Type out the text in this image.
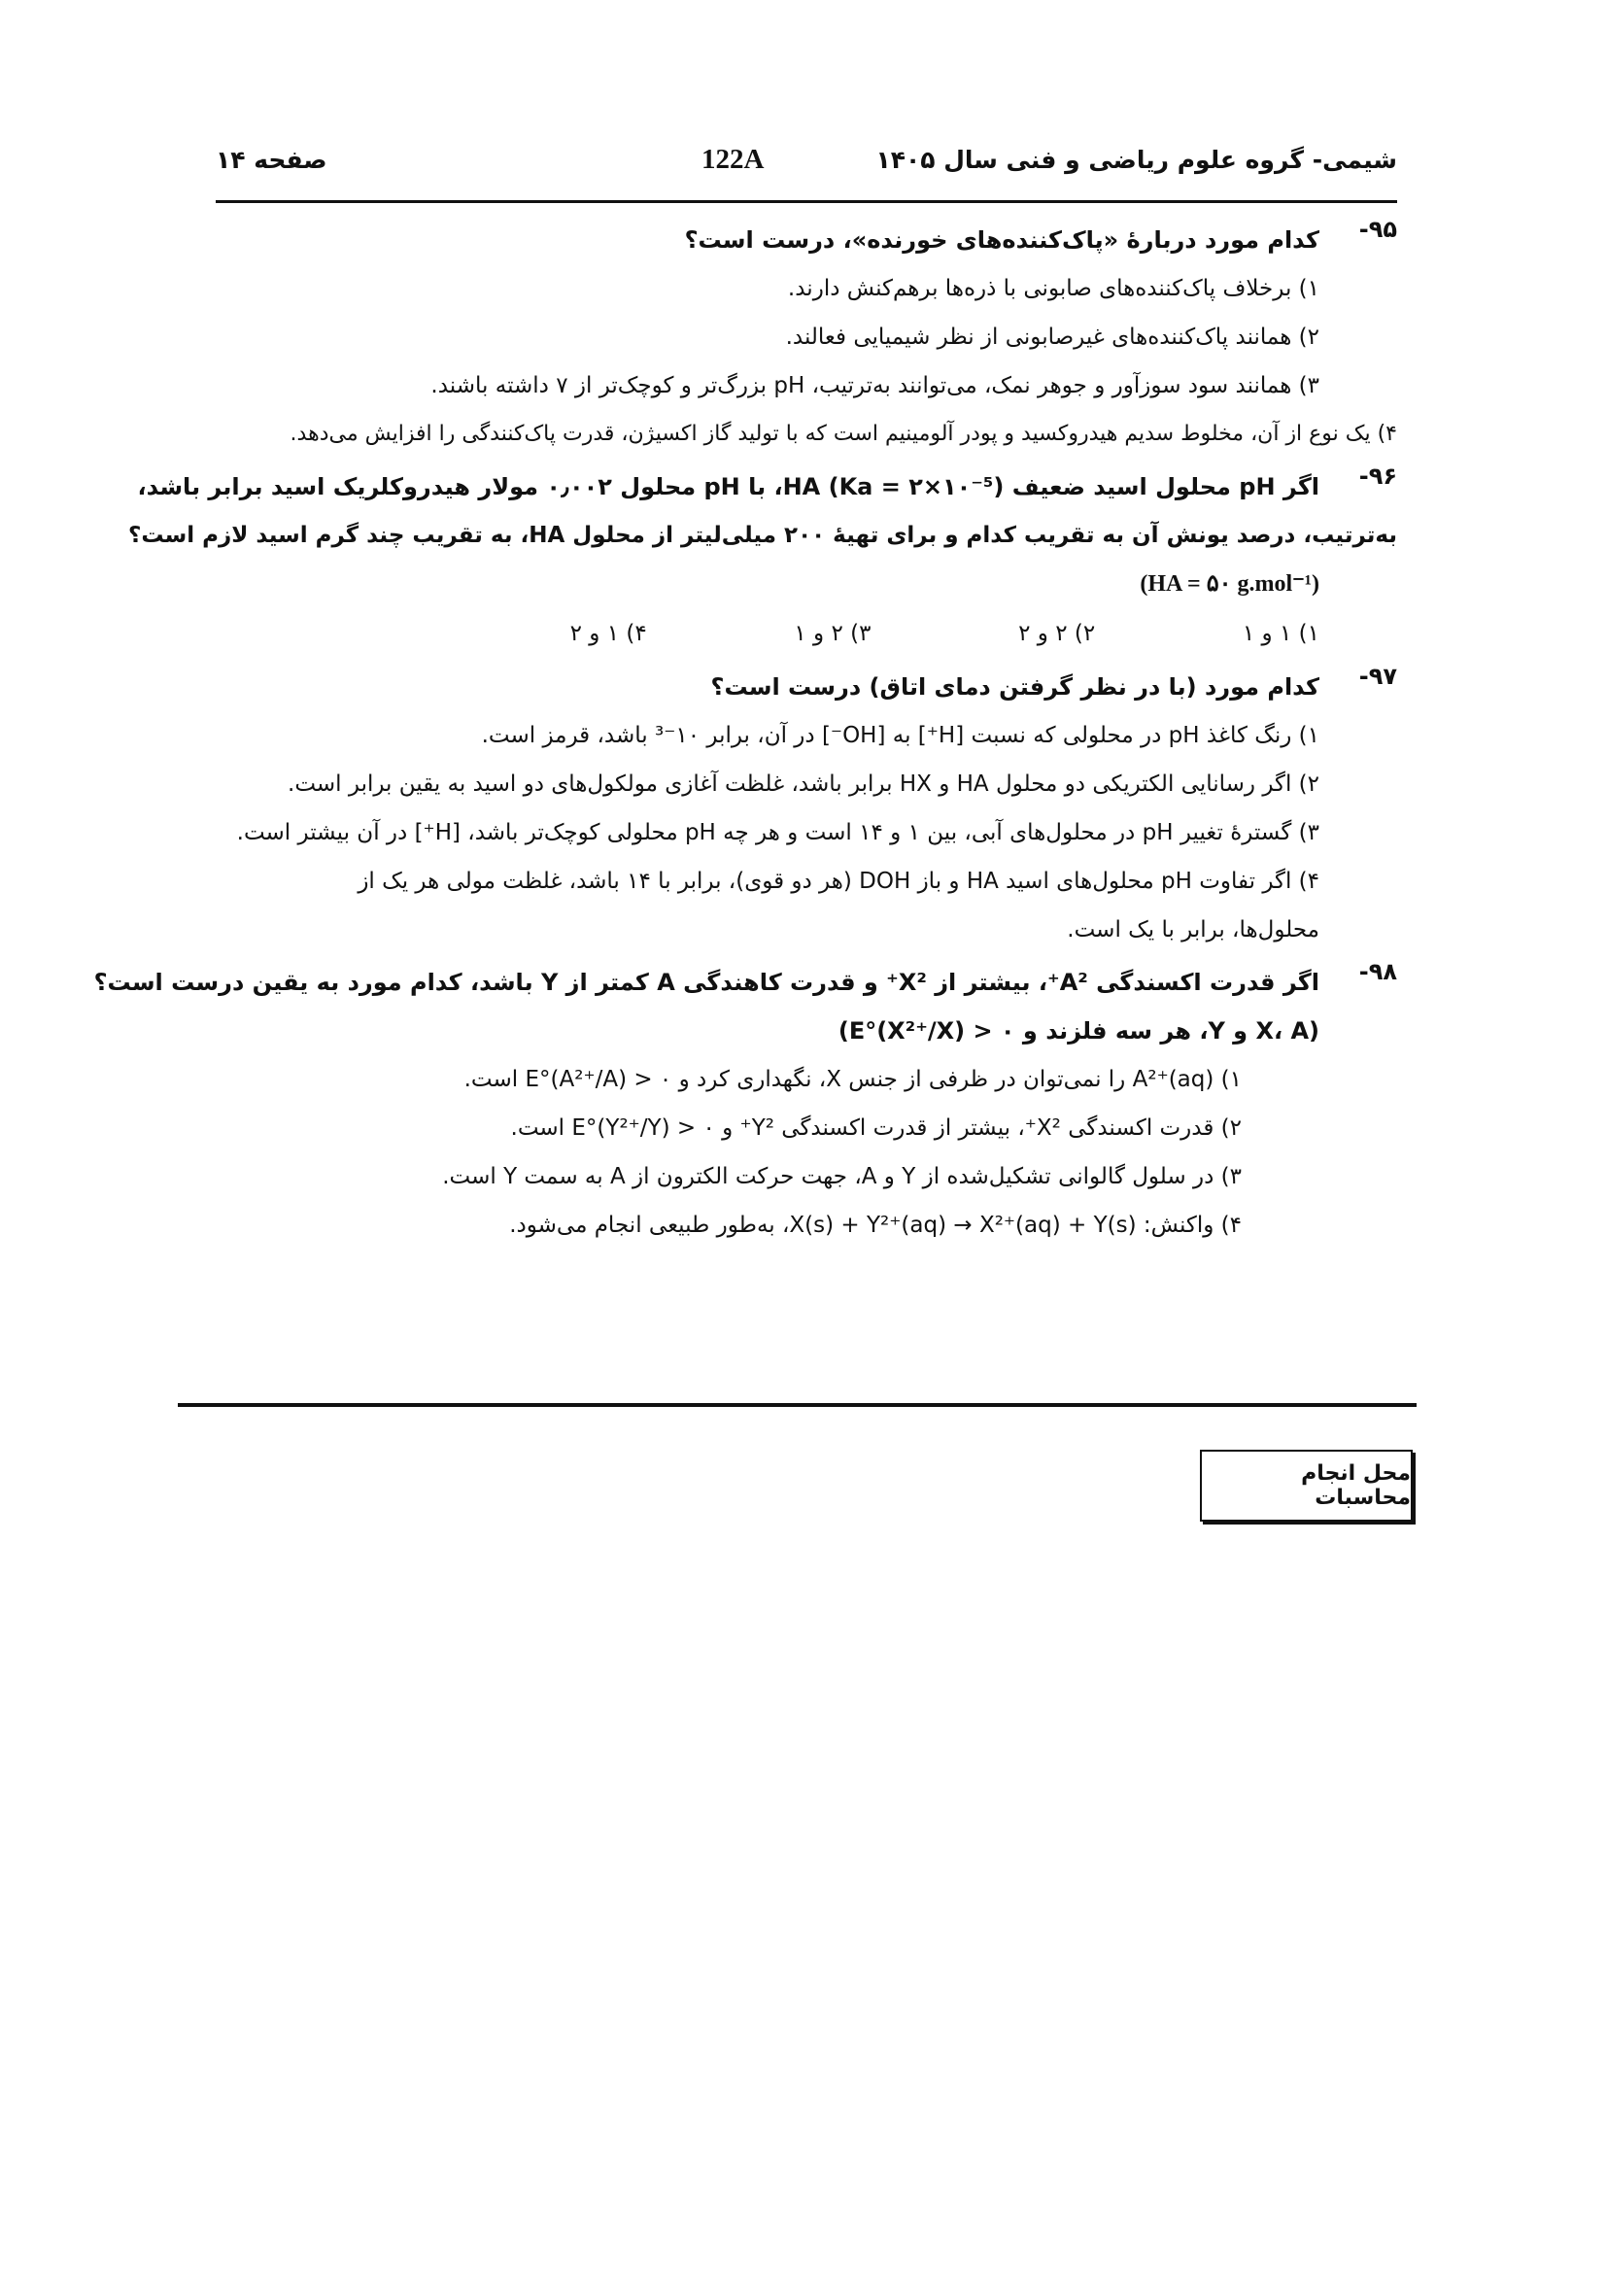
شیمی- گروه علوم ریاضی و فنی سال ۱۴۰۵
122A
صفحه ۱۴
۹۵-
کدام مورد دربارهٔ «پاک‌کننده‌های خورنده»، درست است؟

۱) برخلاف پاک‌کننده‌های صابونی با ذره‌ها برهم‌کنش دارند.

۲) همانند پاک‌کننده‌های غیرصابونی از نظر شیمیایی فعالند.

۳) همانند سود سوزآور و جوهر نمک، می‌توانند به‌ترتیب، pH بزرگ‌تر و کوچک‌تر از ۷ داشته باشند.

۴) یک نوع از آن، مخلوط سدیم هیدروکسید و پودر آلومینیم است که با تولید گاز اکسیژن، قدرت پاک‌کنندگی را افزایش می‌دهد.

۹۶-
اگر pH محلول اسید ضعیف HA (Ka = ۲×۱۰⁻⁵)، با pH محلول ۰٫۰۰۲ مولار هیدروکلریک اسید برابر باشد،
به‌ترتیب، درصد یونش آن به تقریب کدام و برای تهیهٔ ۲۰۰ میلی‌لیتر از محلول HA، به تقریب چند گرم اسید لازم است؟
(HA = ۵۰ g.mol⁻¹)
۱) ۱ و ۱
۲) ۲ و ۲
۳) ۲ و ۱
۴) ۱ و ۲
۹۷-
کدام مورد (با در نظر گرفتن دمای اتاق) درست است؟

۱) رنگ کاغذ pH در محلولی که نسبت [H⁺] به [OH⁻] در آن، برابر ۱۰⁻³ باشد، قرمز است.

۲) اگر رسانایی الکتریکی دو محلول HA و HX برابر باشد، غلظت آغازی مولکول‌های دو اسید به یقین برابر است.

۳) گسترهٔ تغییر pH در محلول‌های آبی، بین ۱ و ۱۴ است و هر چه pH محلولی کوچک‌تر باشد، [H⁺] در آن بیشتر است.

۴) اگر تفاوت pH محلول‌های اسید HA و باز DOH (هر دو قوی)، برابر با ۱۴ باشد، غلظت مولی هر یک از محلول‌ها، برابر با یک است.

۹۸-
اگر قدرت اکسندگی A²⁺، بیشتر از X²⁺ و قدرت کاهندگی A کمتر از Y باشد، کدام مورد به یقین درست است؟
(X، A و Y، هر سه فلزند و E°(X²⁺/X) > ۰)

۱) A²⁺(aq) را نمی‌توان در ظرفی از جنس X، نگهداری کرد و E°(A²⁺/A) > ۰ است.

۲) قدرت اکسندگی X²⁺، بیشتر از قدرت اکسندگی Y²⁺ و E°(Y²⁺/Y) > ۰ است.

۳) در سلول گالوانی تشکیل‌شده از Y و A، جهت حرکت الکترون از A به سمت Y است.

۴) واکنش: X(s) + Y²⁺(aq) → X²⁺(aq) + Y(s)، به‌طور طبیعی انجام می‌شود.

محل انجام محاسبات
